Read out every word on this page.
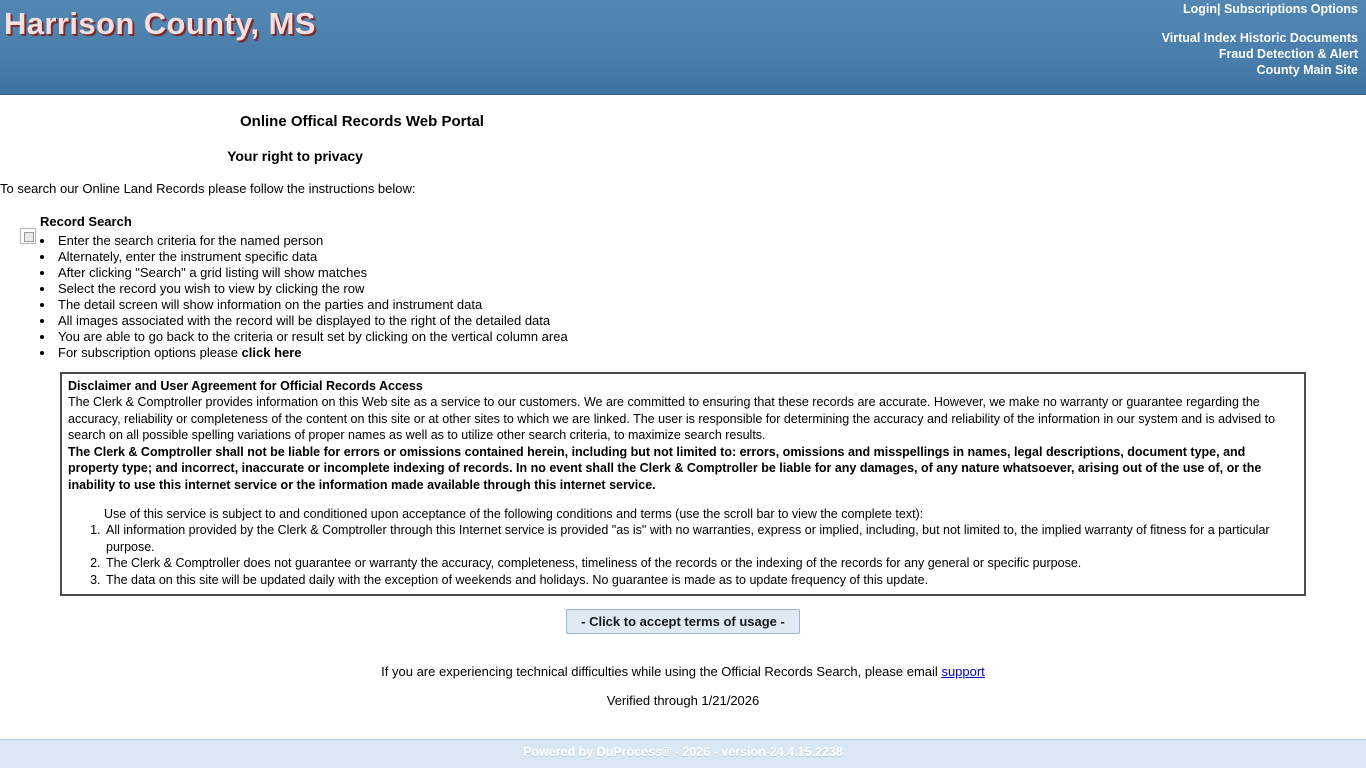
Harrison County, MS	Login| Subscriptions Options
Virtual Index Historic Documents
Fraud Detection & Alert
County Main Site
Online Offical Records Web Portal
Your right to privacy
To search our Online Land Records please follow the instructions below:
Record Search
• Enter the search criteria for the named person
• Alternately, enter the instrument specific data
• After clicking "Search" a grid listing will show matches
• Select the record you wish to view by clicking the row
• The detail screen will show information on the parties and instrument data
• All images associated with the record will be displayed to the right of the detailed data
• You are able to go back to the criteria or result set by clicking on the vertical column area
• For subscription options please click here
Disclaimer and User Agreement for Official Records Access
The Clerk & Comptroller provides information on this Web site as a service to our customers. We are committed to ensuring that these records are accurate. However, we make no warranty or guarantee regarding the accuracy, reliability or completeness of the content on this site or at other sites to which we are linked. The user is responsible for determining the accuracy and reliability of the information in our system and is advised to search on all possible spelling variations of proper names as well as to utilize other search criteria, to maximize search results.
The Clerk & Comptroller shall not be liable for errors or omissions contained herein, including but not limited to: errors, omissions and misspellings in names, legal descriptions, document type, and property type; and incorrect, inaccurate or incomplete indexing of records. In no event shall the Clerk & Comptroller be liable for any damages, of any nature whatsoever, arising out of the use of, or the inability to use this internet service or the information made available through this internet service.
Use of this service is subject to and conditioned upon acceptance of the following conditions and terms (use the scroll bar to view the complete text):
1. All information provided by the Clerk & Comptroller through this Internet service is provided "as is" with no warranties, express or implied, including, but not limited to, the implied warranty of fitness for a particular purpose.
2. The Clerk & Comptroller does not guarantee or warranty the accuracy, completeness, timeliness of the records or the indexing of the records for any general or specific purpose.
3. The data on this site will be updated daily with the exception of weekends and holidays. No guarantee is made as to update frequency of this update.
- Click to accept terms of usage -
If you are experiencing technical difficulties while using the Official Records Search, please email support
Verified through 1/21/2026
Powered by DuProcess® - 2026 - version-24.4.15.2238
